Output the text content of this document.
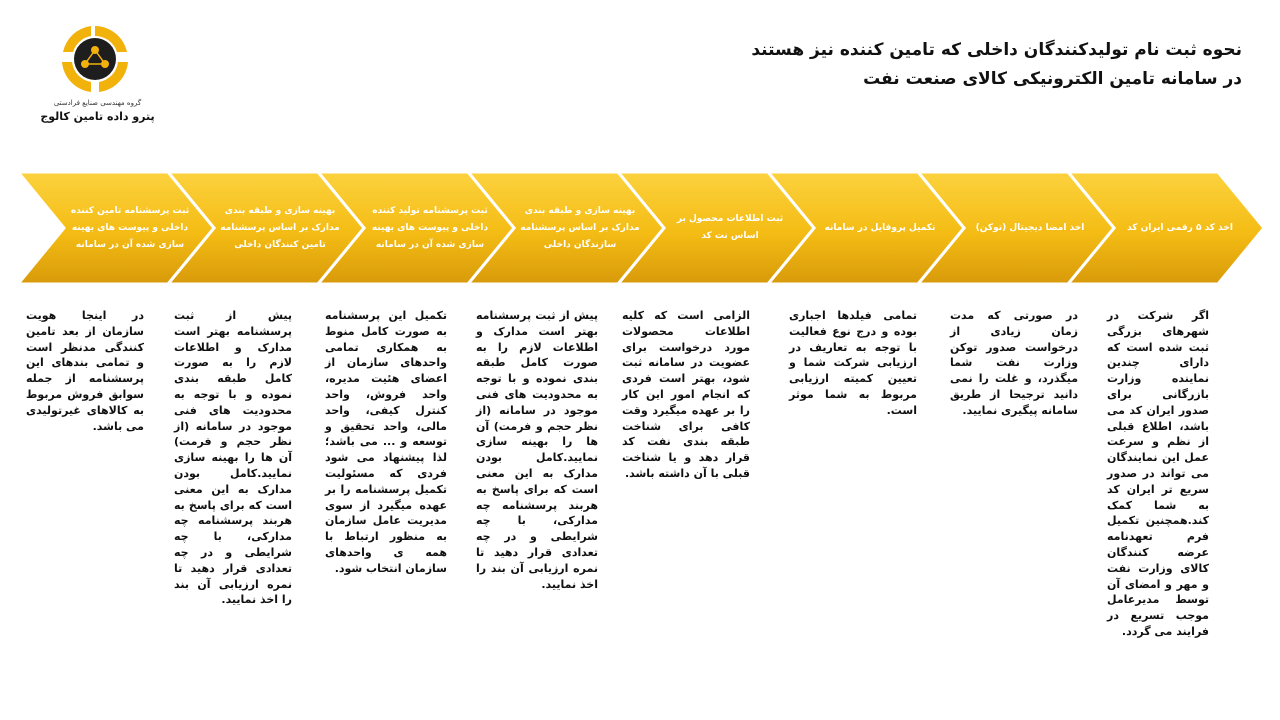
گروه مهندسی صنایع فرادستی
پترو داده تامین کالوج
نحوه ثبت نام تولیدکنندگان داخلی که تامین کننده نیز هستند
در سامانه تامین الکترونیکی کالای صنعت نفت
اخذ کد ۵ رقمی ایران کد
اخذ امضا دیجیتال (توکن)
تکمیل پروفایل در سامانه
ثبت اطلاعات محصول بر اساس نت کد
بهینه سازی و طبقه بندی مدارک بر اساس پرسشنامه سازندگان داخلی
ثبت پرسشنامه تولید کننده داخلی و پیوست های بهینه سازی شده آن در سامانه
بهینه سازی و طبقه بندی مدارک بر اساس پرسشنامه تامین کنندگان داخلی
ثبت پرسشنامه تامین کننده داخلی و پیوست های بهینه سازی شده آن در سامانه
اگر شرکت در شهرهای بزرگی ثبت شده است که دارای چندین نماینده وزارت بازرگانی برای صدور ایران کد می باشد، اطلاع قبلی از نظم و سرعت عمل این نمایندگان می تواند در صدور سریع تر ایران کد به شما کمک کند.همچنین تکمیل فرم تعهدنامه عرضه کنندگان کالای وزارت نفت و مهر و امضای آن توسط مدیرعامل موجب تسریع در فرایند می گردد.
در صورتی که مدت زمان زیادی از درخواست صدور توکن وزارت نفت شما میگذرد، و غلت را نمی دانید ترجیحا از طریق سامانه پیگیری نمایید.
تمامی فیلدها اجباری بوده و درج نوع فعالیت با توجه به تعاریف در ارزیابی شرکت شما و تعیین کمیته ارزیابی مربوط به شما موثر است.
الزامی است که کلیه اطلاعات محصولات مورد درخواست برای عضویت در سامانه ثبت شود، بهتر است فردی که انجام امور این کار را بر عهده میگیرد وقت کافی برای شناخت طبقه بندی نفت کد قرار دهد و یا شناخت قبلی با آن داشته باشد.
پیش از ثبت پرسشنامه بهتر است مدارک و اطلاعات لازم را به صورت کامل طبقه بندی نموده و با توجه به محدودیت های فنی موجود در سامانه (از نظر حجم و فرمت) آن ها را بهینه سازی نمایید.کامل بودن مدارک به این معنی است که برای پاسخ به هربند پرسشنامه چه مدارکی، با چه شرایطی و در چه تعدادی قرار دهید تا نمره ارزیابی آن بند را اخذ نمایید.
تکمیل این پرسشنامه به صورت کامل منوط به همکاری تمامی واحدهای سازمان از اعضای هئیت مدیره، واحد فروش، واحد کنترل کیفی، واحد مالی، واحد تحقیق و توسعه و ... می باشد؛لذا پیشنهاد می شود فردی که مسئولیت تکمیل پرسشنامه را بر عهده میگیرد از سوی مدیریت عامل سازمان به منظور ارتباط با همه ی واحدهای سازمان انتخاب شود.
پیش از ثبت پرسشنامه بهتر است مدارک و اطلاعات لازم را به صورت کامل طبقه بندی نموده و با توجه به محدودیت های فنی موجود در سامانه (از نظر حجم و فرمت) آن ها را بهینه سازی نمایید.کامل بودن مدارک به این معنی است که برای پاسخ به هربند پرسشنامه چه مدارکی، با چه شرایطی و در چه تعدادی قرار دهید تا نمره ارزیابی آن بند را اخذ نمایید.
در اینجا هویت سازمان از بعد تامین کنندگی مدنظر است و تمامی بندهای این پرسشنامه از جمله سوابق فروش مربوط به کالاهای غیرتولیدی می باشد.
